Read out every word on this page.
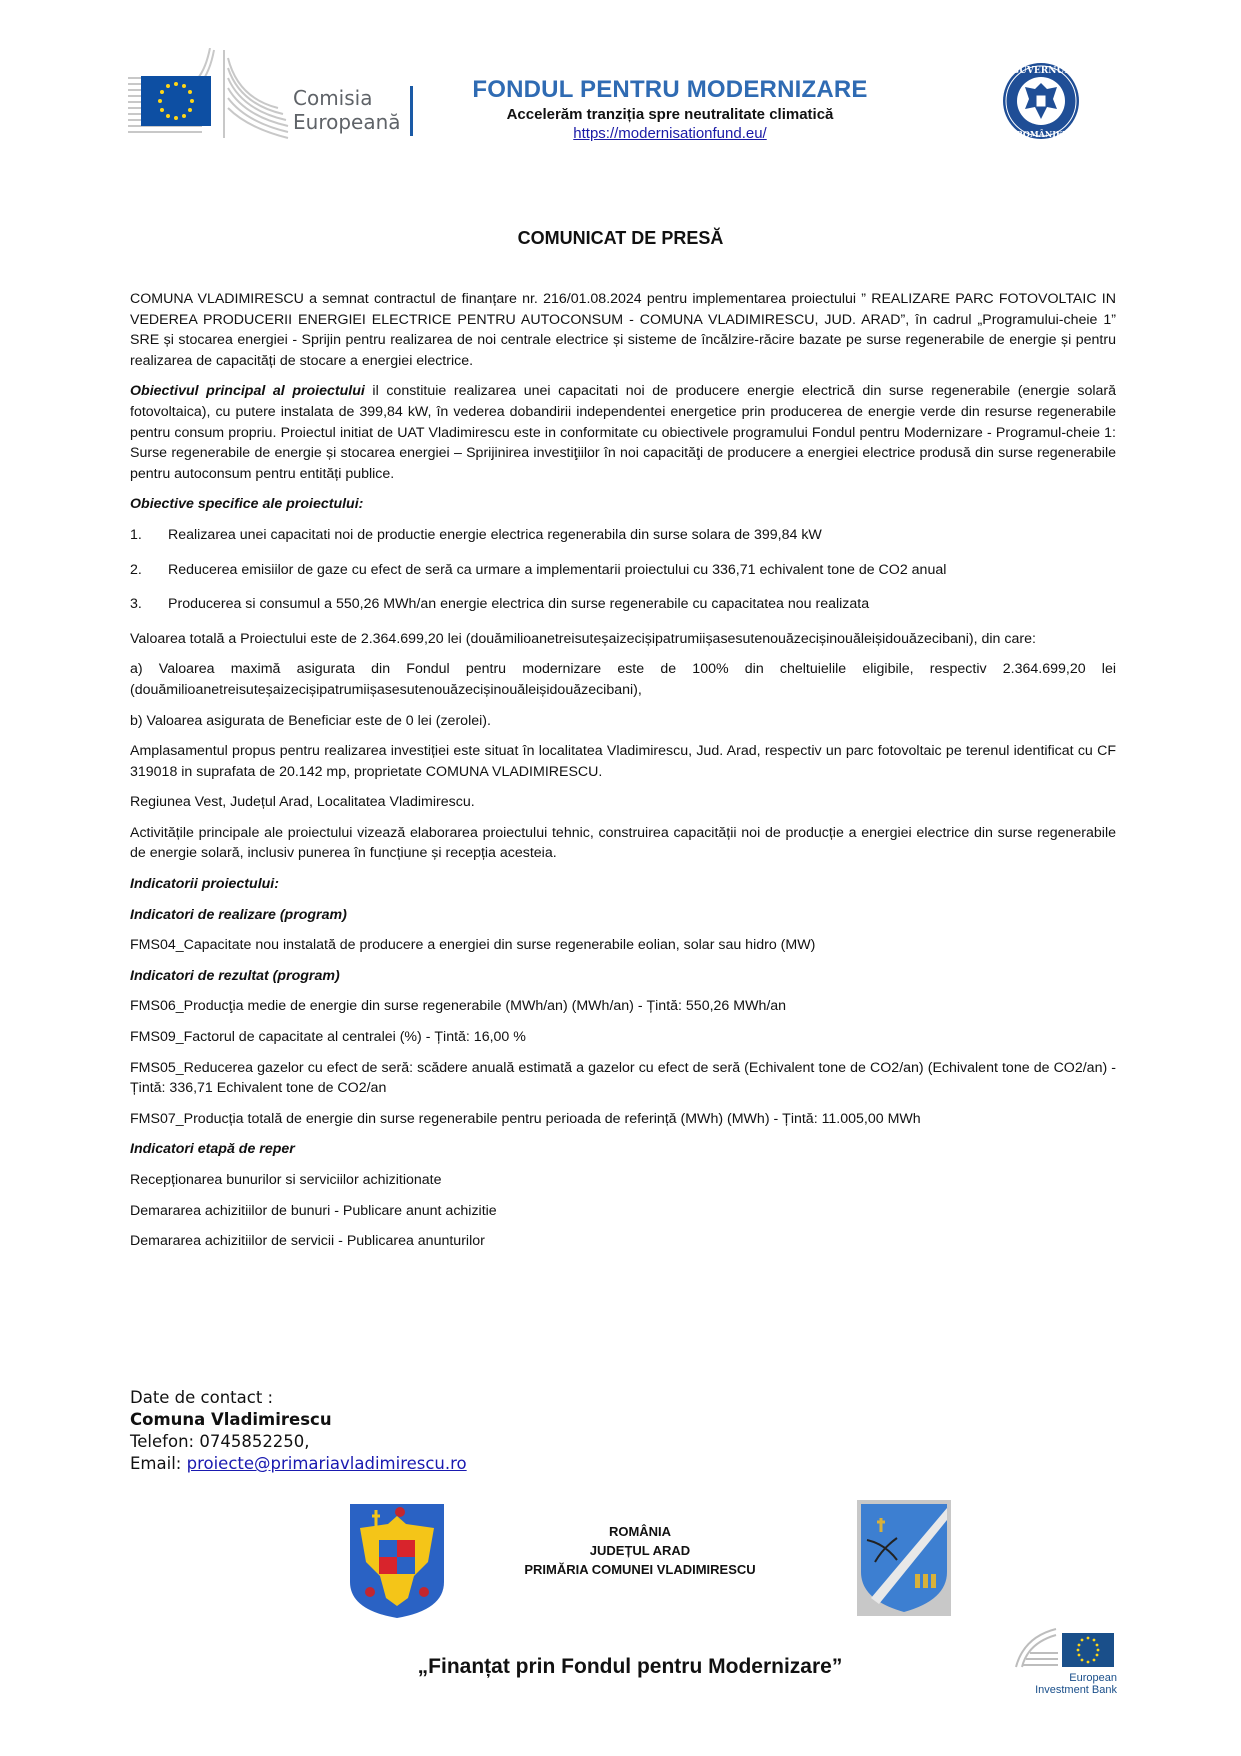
Comisia
Europeană
FONDUL PENTRU MODERNIZARE
Accelerăm tranziția spre neutralitate climatică
https://modernisationfund.eu/
GUVERNUL
ROMÂNIEI
COMUNICAT DE PRESĂ

COMUNA VLADIMIRESCU a semnat contractul de finanțare nr. 216/01.08.2024 pentru implementarea proiectului ” REALIZARE PARC FOTOVOLTAIC IN VEDEREA PRODUCERII ENERGIEI ELECTRICE PENTRU AUTOCONSUM - COMUNA VLADIMIRESCU, JUD. ARAD”, în cadrul „Programului-cheie 1” SRE și stocarea energiei - Sprijin pentru realizarea de noi centrale electrice și sisteme de încălzire-răcire bazate pe surse regenerabile de energie și pentru realizarea de capacități de stocare a energiei electrice.

Obiectivul principal al proiectului il constituie realizarea unei capacitati noi de producere energie electrică din surse regenerabile (energie solară fotovoltaica), cu putere instalata de 399,84 kW, în vederea dobandirii independentei energetice prin producerea de energie verde din resurse regenerabile pentru consum propriu. Proiectul initiat de UAT Vladimirescu este in conformitate cu obiectivele programului Fondul pentru Modernizare - Programul-cheie 1: Surse regenerabile de energie și stocarea energiei – Sprijinirea investiţiilor în noi capacităţi de producere a energiei electrice produsă din surse regenerabile pentru autoconsum pentru entități publice.

Obiective specifice ale proiectului:

1.	Realizarea unei capacitati noi de productie energie electrica regenerabila din surse solara de 399,84 kW
2.	Reducerea emisiilor de gaze cu efect de seră ca urmare a implementarii proiectului cu 336,71 echivalent tone de CO2 anual
3.	Producerea si consumul a 550,26 MWh/an energie electrica din surse regenerabile cu capacitatea nou realizata

Valoarea totală a Proiectului este de 2.364.699,20 lei (douămilioanetreisuteșaizecișipatrumiișasesutenouăzecișinouăleișidouăzecibani), din care:

a) Valoarea maximă asigurata din Fondul pentru modernizare este de 100% din cheltuielile eligibile, respectiv 2.364.699,20 lei (douămilioanetreisuteșaizecișipatrumiișasesutenouăzecișinouăleișidouăzecibani),

b) Valoarea asigurata de Beneficiar este de 0 lei (zerolei).

Amplasamentul propus pentru realizarea investiției este situat în localitatea Vladimirescu, Jud. Arad, respectiv un parc fotovoltaic pe terenul identificat cu CF 319018 in suprafata de 20.142 mp, proprietate COMUNA VLADIMIRESCU.

Regiunea Vest, Județul Arad, Localitatea Vladimirescu.

Activitățile principale ale proiectului vizează elaborarea proiectului tehnic, construirea capacității noi de producție a energiei electrice din surse regenerabile de energie solară, inclusiv punerea în funcțiune și recepția acesteia.

Indicatorii proiectului:

Indicatori de realizare (program)

FMS04_Capacitate nou instalată de producere a energiei din surse regenerabile eolian, solar sau hidro (MW)

Indicatori de rezultat (program)

FMS06_Producţia medie de energie din surse regenerabile (MWh/an) (MWh/an) - Țintă: 550,26 MWh/an

FMS09_Factorul de capacitate al centralei (%) - Țintă: 16,00 %

FMS05_Reducerea gazelor cu efect de seră: scădere anuală estimată a gazelor cu efect de seră (Echivalent tone de CO2/an) (Echivalent tone de CO2/an) - Țintă: 336,71 Echivalent tone de CO2/an

FMS07_Producția totală de energie din surse regenerabile pentru perioada de referință (MWh) (MWh) - Țintă: 11.005,00 MWh

Indicatori etapă de reper

Recepționarea bunurilor si serviciilor achizitionate

Demararea achizitiilor de bunuri - Publicare anunt achizitie

Demararea achizitiilor de servicii - Publicarea anunturilor

Date de contact :
Comuna Vladimirescu
Telefon: 0745852250,
Email: proiecte@primariavladimirescu.ro
ROMÂNIA
JUDEȚUL ARAD
PRIMĂRIA COMUNEI VLADIMIRESCU
„Finanțat prin Fondul pentru Modernizare”	European
Investment Bank
